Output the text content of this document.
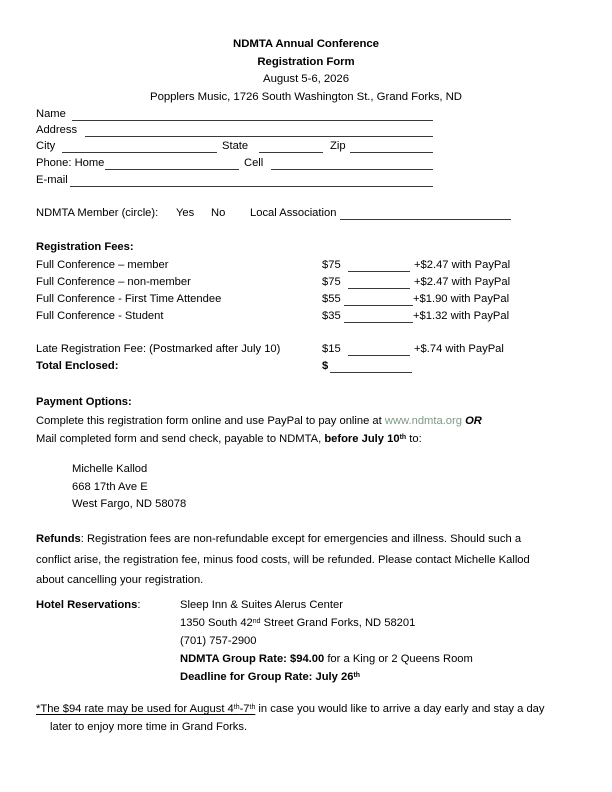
NDMTA Annual Conference
Registration Form
August 5-6, 2026
Popplers Music, 1726 South Washington St., Grand Forks, ND
Name
Address
City	State	Zip
Phone: Home	Cell
E-mail
NDMTA Member (circle): Yes No Local Association
Registration Fees:
Full Conference – member	$75	+$2.47 with PayPal
Full Conference – non-member	$75	+$2.47 with PayPal
Full Conference - First Time Attendee	$55	+$1.90 with PayPal
Full Conference - Student	$35	+$1.32 with PayPal
Late Registration Fee: (Postmarked after July 10)	$15	+$.74 with PayPal
Total Enclosed:	$
Payment Options:
Complete this registration form online and use PayPal to pay online at www.ndmta.org OR
Mail completed form and send check, payable to NDMTA, before July 10th to:
Michelle Kallod
668 17th Ave E
West Fargo, ND 58078
Refunds: Registration fees are non-refundable except for emergencies and illness. Should such a conflict arise, the registration fee, minus food costs, will be refunded. Please contact Michelle Kallod about cancelling your registration.
Hotel Reservations:	Sleep Inn & Suites Alerus Center
1350 South 42nd Street Grand Forks, ND 58201
(701) 757-2900
NDMTA Group Rate: $94.00 for a King or 2 Queens Room
Deadline for Group Rate: July 26th
*The $94 rate may be used for August 4th-7th in case you would like to arrive a day early and stay a day
later to enjoy more time in Grand Forks.
